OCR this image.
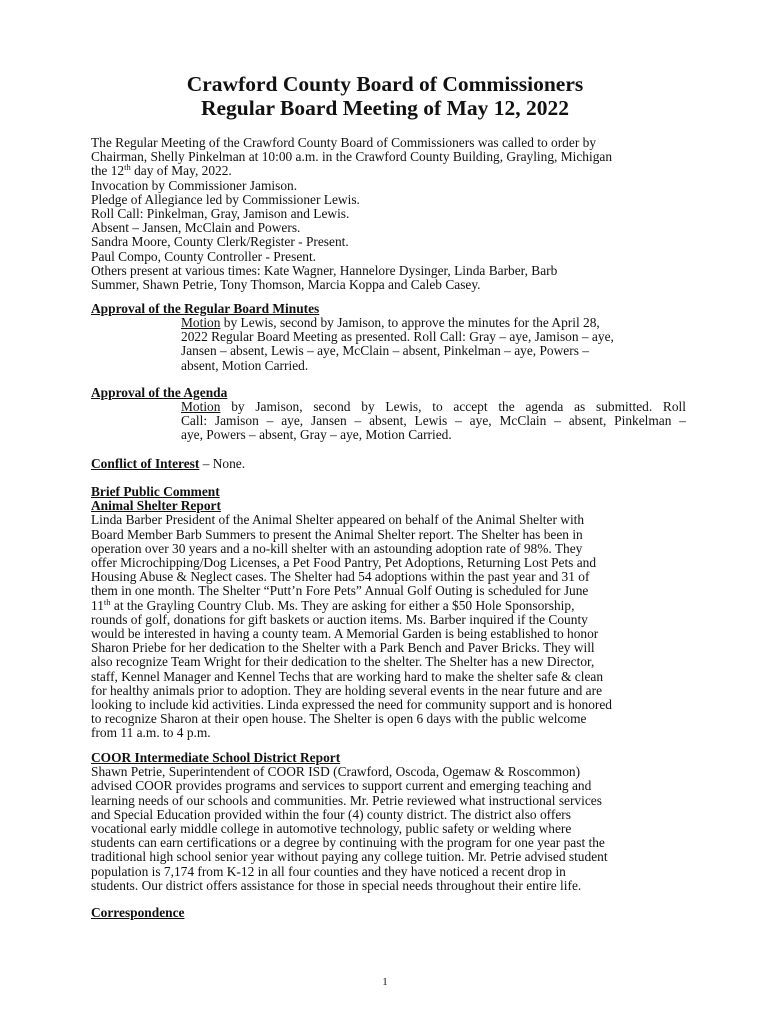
Crawford County Board of Commissioners
Regular Board Meeting of May 12, 2022
The Regular Meeting of the Crawford County Board of Commissioners was called to order by
Chairman, Shelly Pinkelman at 10:00 a.m. in the Crawford County Building, Grayling, Michigan
the 12th day of May, 2022.
Invocation by Commissioner Jamison.
Pledge of Allegiance led by Commissioner Lewis.
Roll Call: Pinkelman, Gray, Jamison and Lewis.
Absent – Jansen, McClain and Powers.
Sandra Moore, County Clerk/Register - Present.
Paul Compo, County Controller - Present.
Others present at various times: Kate Wagner, Hannelore Dysinger, Linda Barber, Barb
Summer, Shawn Petrie, Tony Thomson, Marcia Koppa and Caleb Casey.
Approval of the Regular Board Minutes
Motion by Lewis, second by Jamison, to approve the minutes for the April 28,
2022 Regular Board Meeting as presented. Roll Call: Gray – aye, Jamison – aye,
Jansen – absent, Lewis – aye, McClain – absent, Pinkelman – aye, Powers –
absent, Motion Carried.
Approval of the Agenda
Motion by Jamison, second by Lewis, to accept the agenda as submitted. Roll
Call: Jamison – aye, Jansen – absent, Lewis – aye, McClain – absent, Pinkelman –
aye, Powers – absent, Gray – aye, Motion Carried.
Conflict of Interest – None.
Brief Public Comment
Animal Shelter Report
Linda Barber President of the Animal Shelter appeared on behalf of the Animal Shelter with
Board Member Barb Summers to present the Animal Shelter report. The Shelter has been in
operation over 30 years and a no-kill shelter with an astounding adoption rate of 98%. They
offer Microchipping/Dog Licenses, a Pet Food Pantry, Pet Adoptions, Returning Lost Pets and
Housing Abuse & Neglect cases. The Shelter had 54 adoptions within the past year and 31 of
them in one month. The Shelter “Putt’n Fore Pets” Annual Golf Outing is scheduled for June
11th at the Grayling Country Club. Ms. They are asking for either a $50 Hole Sponsorship,
rounds of golf, donations for gift baskets or auction items. Ms. Barber inquired if the County
would be interested in having a county team. A Memorial Garden is being established to honor
Sharon Priebe for her dedication to the Shelter with a Park Bench and Paver Bricks. They will
also recognize Team Wright for their dedication to the shelter. The Shelter has a new Director,
staff, Kennel Manager and Kennel Techs that are working hard to make the shelter safe & clean
for healthy animals prior to adoption. They are holding several events in the near future and are
looking to include kid activities. Linda expressed the need for community support and is honored
to recognize Sharon at their open house. The Shelter is open 6 days with the public welcome
from 11 a.m. to 4 p.m.
COOR Intermediate School District Report
Shawn Petrie, Superintendent of COOR ISD (Crawford, Oscoda, Ogemaw & Roscommon)
advised COOR provides programs and services to support current and emerging teaching and
learning needs of our schools and communities. Mr. Petrie reviewed what instructional services
and Special Education provided within the four (4) county district. The district also offers
vocational early middle college in automotive technology, public safety or welding where
students can earn certifications or a degree by continuing with the program for one year past the
traditional high school senior year without paying any college tuition. Mr. Petrie advised student
population is 7,174 from K-12 in all four counties and they have noticed a recent drop in
students. Our district offers assistance for those in special needs throughout their entire life.
Correspondence
1
